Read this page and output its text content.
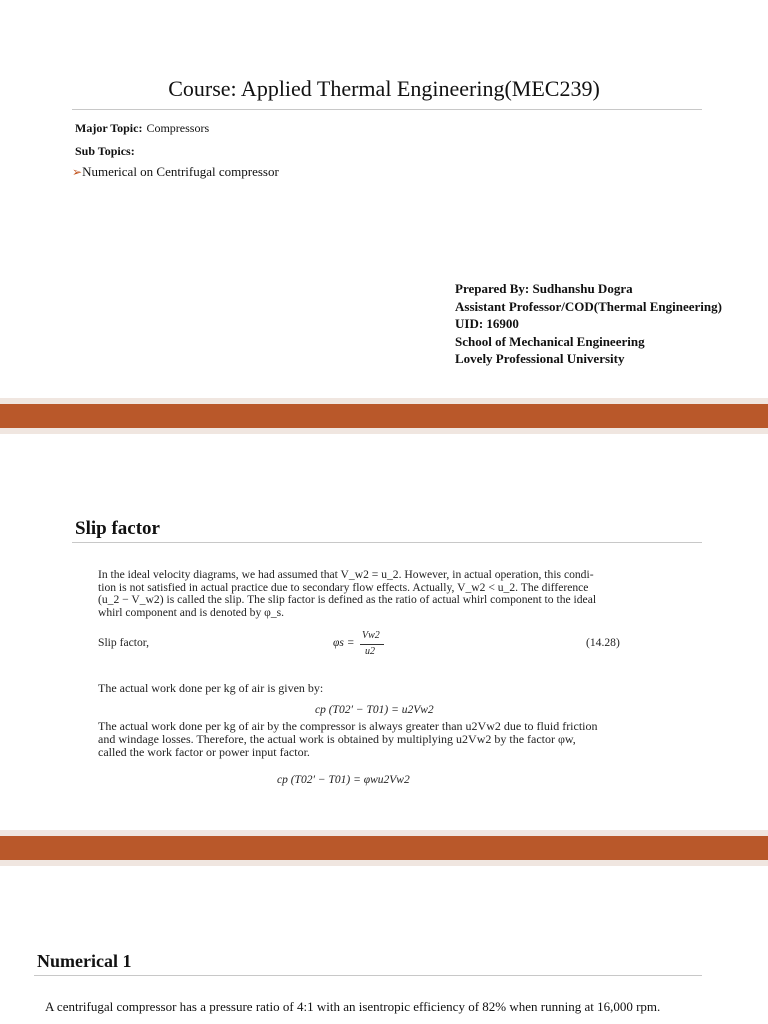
Course: Applied Thermal Engineering(MEC239)
Major Topic: Compressors
Sub Topics:
➢Numerical on Centrifugal compressor
Prepared By: Sudhanshu Dogra
Assistant Professor/COD(Thermal Engineering)
UID: 16900
School of Mechanical Engineering
Lovely Professional University
Slip factor
In the ideal velocity diagrams, we had assumed that V_w2 = u_2. However, in actual operation, this condi-
tion is not satisfied in actual practice due to secondary flow effects. Actually, V_w2 < u_2. The difference
(u_2 − V_w2) is called the slip. The slip factor is defined as the ratio of actual whirl component to the ideal
whirl component and is denoted by φ_s.
Slip factor,	φs =
Vw2
u2
(14.28)
The actual work done per kg of air is given by:
cp (T02′ − T01) = u2Vw2
The actual work done per kg of air by the compressor is always greater than u2Vw2 due to fluid friction
and windage losses. Therefore, the actual work is obtained by multiplying u2Vw2 by the factor φw,
called the work factor or power input factor.
cp (T02′ − T01) = φwu2Vw2
Numerical 1
A centrifugal compressor has a pressure ratio of 4:1 with an isentropic efficiency of 82% when running at 16,000 rpm.
